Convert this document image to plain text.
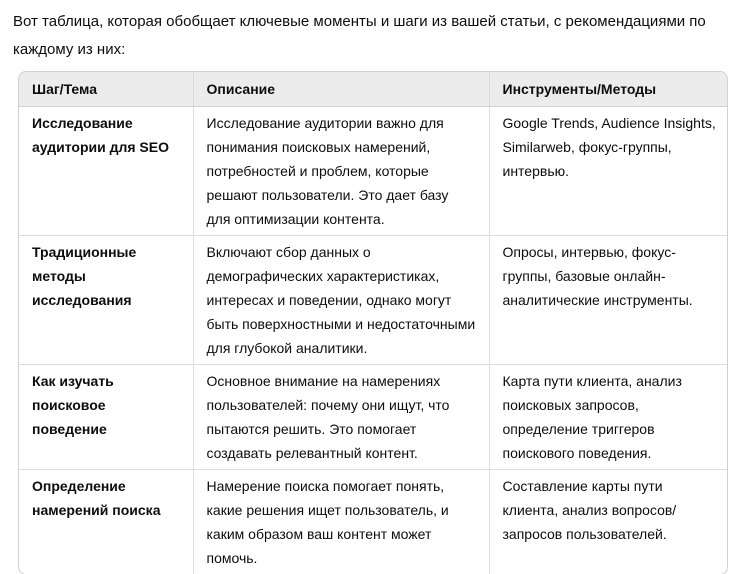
Вот таблица, которая обобщает ключевые моменты и шаги из вашей статьи, с рекомендациями по каждому из них:

Шаг/Тема	Описание	Инструменты/Методы
Исследование аудитории для SEO	Исследование аудитории важно для понимания поисковых намерений, потребностей и проблем, которые решают пользователи. Это дает базу для оптимизации контента.	Google Trends, Audience Insights, Similarweb, фокус-группы, интервью.
Традиционные методы исследования	Включают сбор данных о демографических характеристиках, интересах и поведении, однако могут быть поверхностными и недостаточными для глубокой аналитики.	Опросы, интервью, фокус-группы, базовые онлайн-аналитические инструменты.
Как изучать поисковое поведение	Основное внимание на намерениях пользователей: почему они ищут, что пытаются решить. Это помогает создавать релевантный контент.	Карта пути клиента, анализ поисковых запросов, определение триггеров поискового поведения.
Определение намерений поиска	Намерение поиска помогает понять, какие решения ищет пользователь, и каким образом ваш контент может помочь.	Составление карты пути клиента, анализ вопросов/запросов пользователей.
